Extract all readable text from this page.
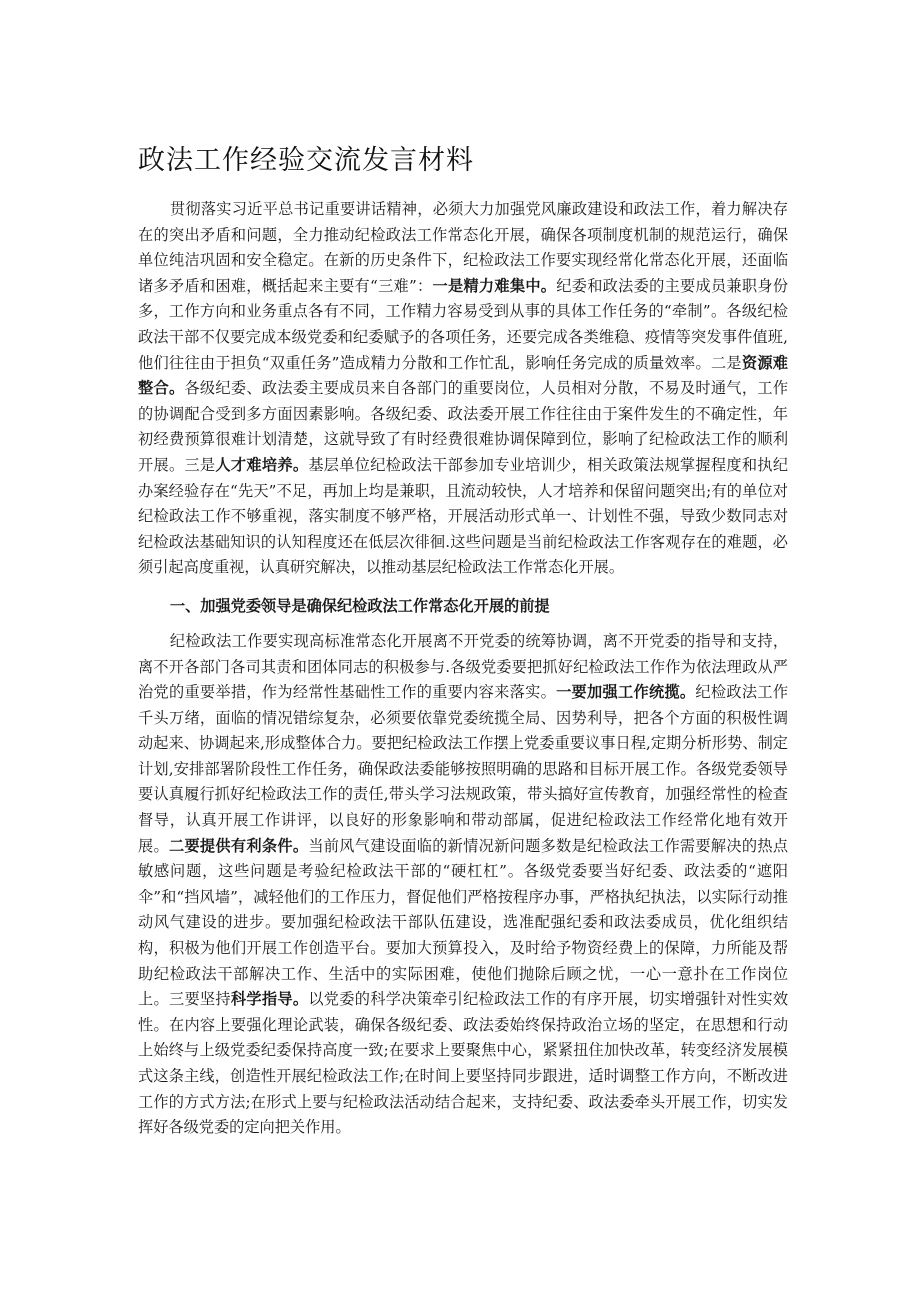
政法工作经验交流发言材料

贯彻落实习近平总书记重要讲话精神，必须大力加强党风廉政建设和政法工作，着力解决存在的突出矛盾和问题，全力推动纪检政法工作常态化开展，确保各项制度机制的规范运行，确保单位纯洁巩固和安全稳定。在新的历史条件下，纪检政法工作要实现经常化常态化开展，还面临诸多矛盾和困难，概括起来主要有“三难”：一是精力难集中。纪委和政法委的主要成员兼职身份多，工作方向和业务重点各有不同，工作精力容易受到从事的具体工作任务的“牵制”。各级纪检政法干部不仅要完成本级党委和纪委赋予的各项任务，还要完成各类维稳、疫情等突发事件值班,他们往往由于担负“双重任务”造成精力分散和工作忙乱，影响任务完成的质量效率。二是资源难整合。各级纪委、政法委主要成员来自各部门的重要岗位，人员相对分散，不易及时通气，工作的协调配合受到多方面因素影响。各级纪委、政法委开展工作往往由于案件发生的不确定性，年初经费预算很难计划清楚，这就导致了有时经费很难协调保障到位，影响了纪检政法工作的顺利开展。三是人才难培养。基层单位纪检政法干部参加专业培训少，相关政策法规掌握程度和执纪办案经验存在“先天”不足，再加上均是兼职，且流动较快，人才培养和保留问题突出;有的单位对纪检政法工作不够重视，落实制度不够严格，开展活动形式单一、计划性不强，导致少数同志对纪检政法基础知识的认知程度还在低层次徘徊.这些问题是当前纪检政法工作客观存在的难题，必须引起高度重视，认真研究解决，以推动基层纪检政法工作常态化开展。

一、加强党委领导是确保纪检政法工作常态化开展的前提

纪检政法工作要实现高标准常态化开展离不开党委的统筹协调，离不开党委的指导和支持，离不开各部门各司其责和团体同志的积极参与.各级党委要把抓好纪检政法工作作为依法理政从严治党的重要举措，作为经常性基础性工作的重要内容来落实。一要加强工作统揽。纪检政法工作千头万绪，面临的情况错综复杂，必须要依靠党委统揽全局、因势利导，把各个方面的积极性调动起来、协调起来,形成整体合力。要把纪检政法工作摆上党委重要议事日程,定期分析形势、制定计划,安排部署阶段性工作任务，确保政法委能够按照明确的思路和目标开展工作。各级党委领导要认真履行抓好纪检政法工作的责任,带头学习法规政策，带头搞好宣传教育，加强经常性的检查督导，认真开展工作讲评，以良好的形象影响和带动部属，促进纪检政法工作经常化地有效开展。二要提供有利条件。当前风气建设面临的新情况新问题多数是纪检政法工作需要解决的热点敏感问题，这些问题是考验纪检政法干部的“硬杠杠”。各级党委要当好纪委、政法委的“遮阳伞”和“挡风墙”，减轻他们的工作压力，督促他们严格按程序办事，严格执纪执法，以实际行动推动风气建设的进步。要加强纪检政法干部队伍建设，选准配强纪委和政法委成员，优化组织结构，积极为他们开展工作创造平台。要加大预算投入，及时给予物资经费上的保障，力所能及帮助纪检政法干部解决工作、生活中的实际困难，使他们抛除后顾之忧，一心一意扑在工作岗位上。三要坚持科学指导。以党委的科学决策牵引纪检政法工作的有序开展，切实增强针对性实效性。在内容上要强化理论武装，确保各级纪委、政法委始终保持政治立场的坚定，在思想和行动上始终与上级党委纪委保持高度一致;在要求上要聚焦中心，紧紧扭住加快改革，转变经济发展模式这条主线，创造性开展纪检政法工作;在时间上要坚持同步跟进，适时调整工作方向，不断改进工作的方式方法;在形式上要与纪检政法活动结合起来，支持纪委、政法委牵头开展工作，切实发挥好各级党委的定向把关作用。
